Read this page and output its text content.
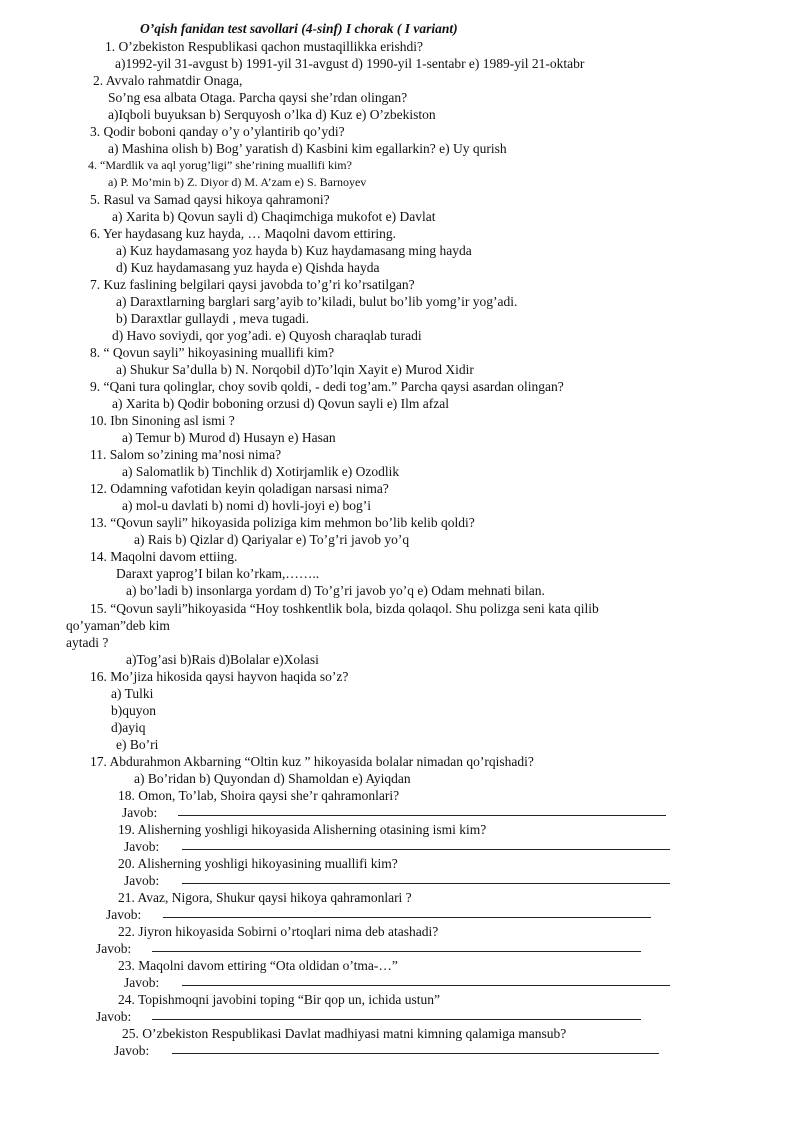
O’qish fanidan test savollari (4-sinf) I chorak ( I variant)
1. O’zbekiston Respublikasi qachon mustaqillikka erishdi?
a)1992-yil 31-avgust b) 1991-yil 31-avgust d) 1990-yil 1-sentabr e) 1989-yil 21-oktabr
2. Avvalo rahmatdir Onaga,
So’ng esa albata Otaga. Parcha qaysi she’rdan olingan?
a)Iqboli buyuksan b) Serquyosh o’lka d) Kuz e) O’zbekiston
3. Qodir boboni qanday o’y o’ylantirib qo’ydi?
a) Mashina olish b) Bog’ yaratish d) Kasbini kim egallarkin? e) Uy qurish
4. “Mardlik va aql yorug’ligi” she’rining muallifi kim?
a) P. Mo’min b) Z. Diyor d) M. A’zam e) S. Barnoyev
5. Rasul va Samad qaysi hikoya qahramoni?
a) Xarita b) Qovun sayli d) Chaqimchiga mukofot e) Davlat
6. Yer haydasang kuz hayda, … Maqolni davom ettiring.
a) Kuz haydamasang yoz hayda b) Kuz haydamasang ming hayda
d) Kuz haydamasang yuz hayda e) Qishda hayda
7. Kuz faslining belgilari qaysi javobda to’g’ri ko’rsatilgan?
a) Daraxtlarning barglari sarg’ayib to’kiladi, bulut bo’lib yomg’ir yog’adi.
b) Daraxtlar gullaydi , meva tugadi.
d) Havo soviydi, qor yog’adi. e) Quyosh charaqlab turadi
8. “ Qovun sayli” hikoyasining muallifi kim?
a) Shukur Sa’dulla b) N. Norqobil d)To’lqin Xayit e) Murod Xidir
9. “Qani tura qolinglar, choy sovib qoldi, - dedi tog’am.” Parcha qaysi asardan olingan?
a) Xarita b) Qodir boboning orzusi d) Qovun sayli e) Ilm afzal
10. Ibn Sinoning asl ismi ?
a) Temur b) Murod d) Husayn e) Hasan
11. Salom so’zining ma’nosi nima?
a) Salomatlik b) Tinchlik d) Xotirjamlik e) Ozodlik
12. Odamning vafotidan keyin qoladigan narsasi nima?
a) mol-u davlati b) nomi d) hovli-joyi e) bog’i
13. “Qovun sayli” hikoyasida poliziga kim mehmon bo’lib kelib qoldi?
a) Rais b) Qizlar d) Qariyalar e) To’g’ri javob yo’q
14. Maqolni davom ettiing.
Daraxt yaprog’I bilan ko’rkam,……..
a) bo’ladi b) insonlarga yordam d) To’g’ri javob yo’q e) Odam mehnati bilan.
15. “Qovun sayli”hikoyasida “Hoy toshkentlik bola, bizda qolaqol. Shu polizga seni kata qilib
qo’yaman”deb kim
aytadi ?
a)Tog’asi b)Rais d)Bolalar e)Xolasi
16. Mo’jiza hikosida qaysi hayvon haqida so’z?
a) Tulki
b)quyon
d)ayiq
e) Bo’ri
17. Abdurahmon Akbarning “Oltin kuz ” hikoyasida bolalar nimadan qo’rqishadi?
a) Bo’ridan b) Quyondan d) Shamoldan e) Ayiqdan
18. Omon, To’lab, Shoira qaysi she’r qahramonlari?
Javob:
19. Alisherning yoshligi hikoyasida Alisherning otasining ismi kim?
Javob:
20. Alisherning yoshligi hikoyasining muallifi kim?
Javob:
21. Avaz, Nigora, Shukur qaysi hikoya qahramonlari ?
Javob:
22. Jiyron hikoyasida Sobirni o’rtoqlari nima deb atashadi?
Javob:
23. Maqolni davom ettiring “Ota oldidan o’tma-…”
Javob:
24. Topishmoqni javobini toping “Bir qop un, ichida ustun”
Javob:
25. O’zbekiston Respublikasi Davlat madhiyasi matni kimning qalamiga mansub?
Javob:
